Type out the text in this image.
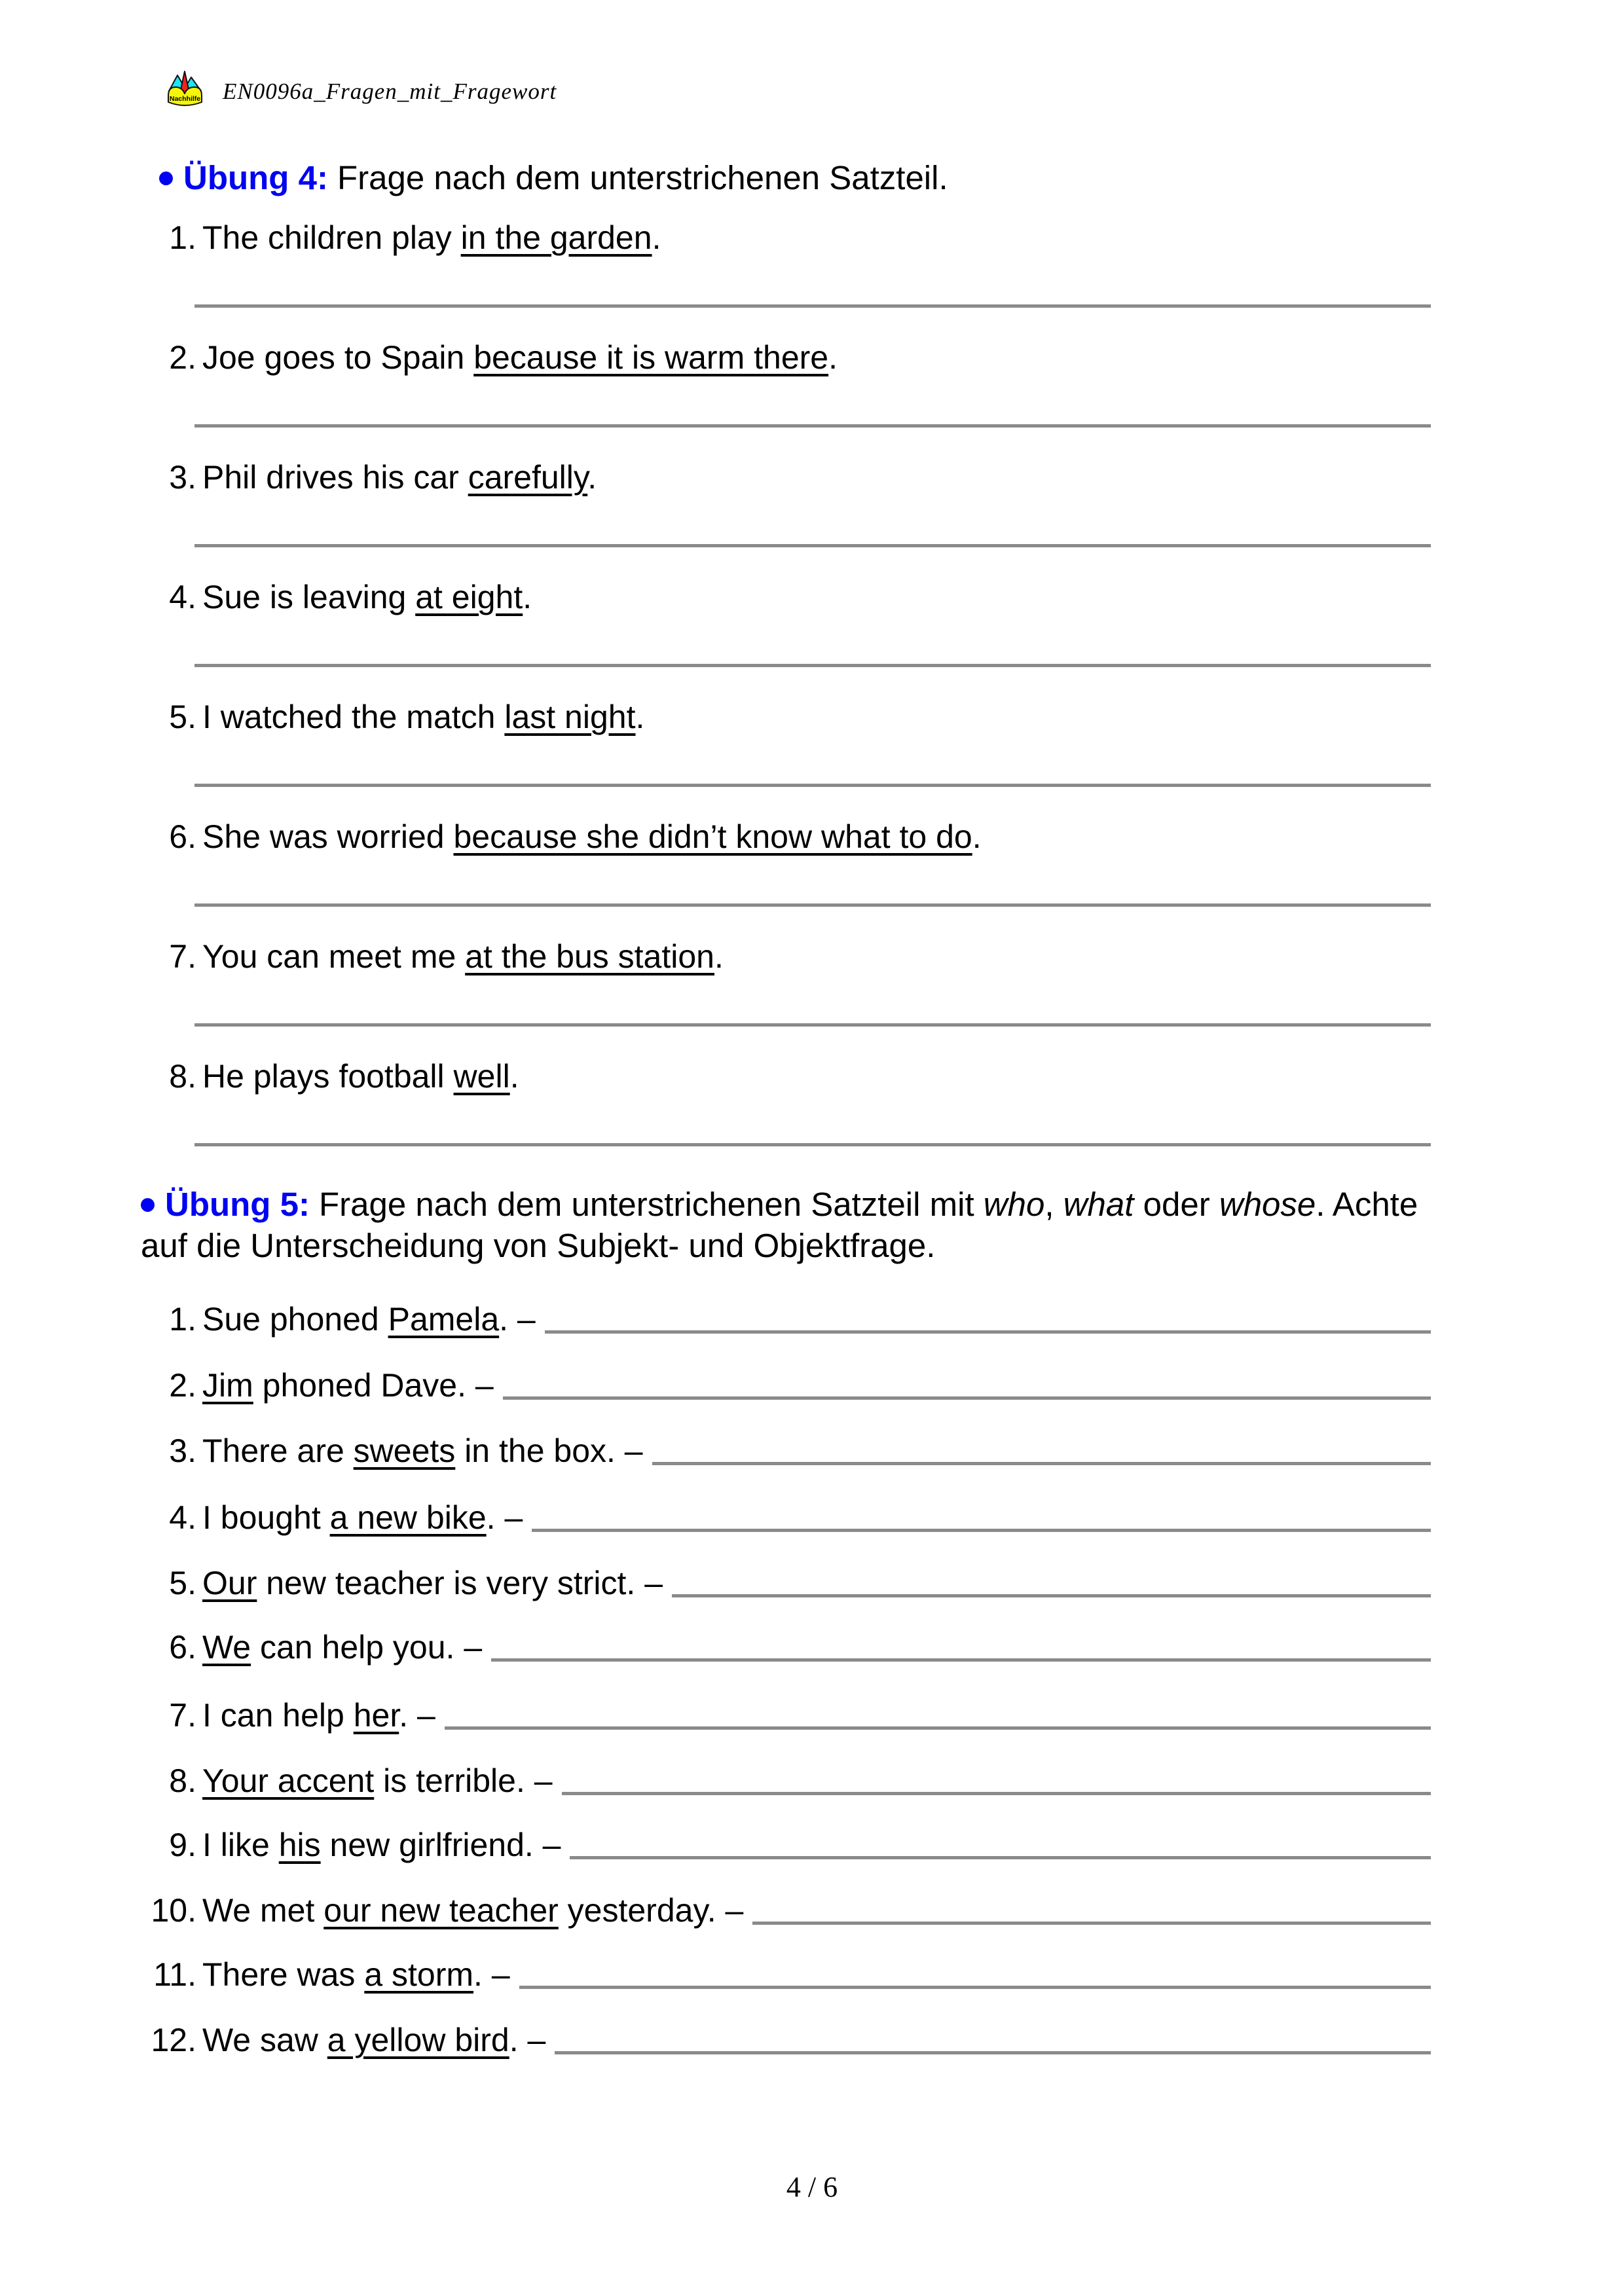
Nachhilfe EN0096a_Fragen_mit_Fragewort
Übung 4: Frage nach dem unterstrichenen Satzteil.
1. The children play in the garden.
2. Joe goes to Spain because it is warm there.
3. Phil drives his car carefully.
4. Sue is leaving at eight.
5. I watched the match last night.
6. She was worried because she didn’t know what to do.
7. You can meet me at the bus station.
8. He plays football well.
Übung 5: Frage nach dem unterstrichenen Satzteil mit who, what oder whose. Achte
auf die Unterscheidung von Subjekt- und Objektfrage.
1. Sue phoned Pamela. –
2. Jim phoned Dave. –
3. There are sweets in the box. –
4. I bought a new bike. –
5. Our new teacher is very strict. –
6. We can help you. –
7. I can help her. –
8. Your accent is terrible. –
9. I like his new girlfriend. –
10. We met our new teacher yesterday. –
11. There was a storm. –
12. We saw a yellow bird. –
4 / 6
